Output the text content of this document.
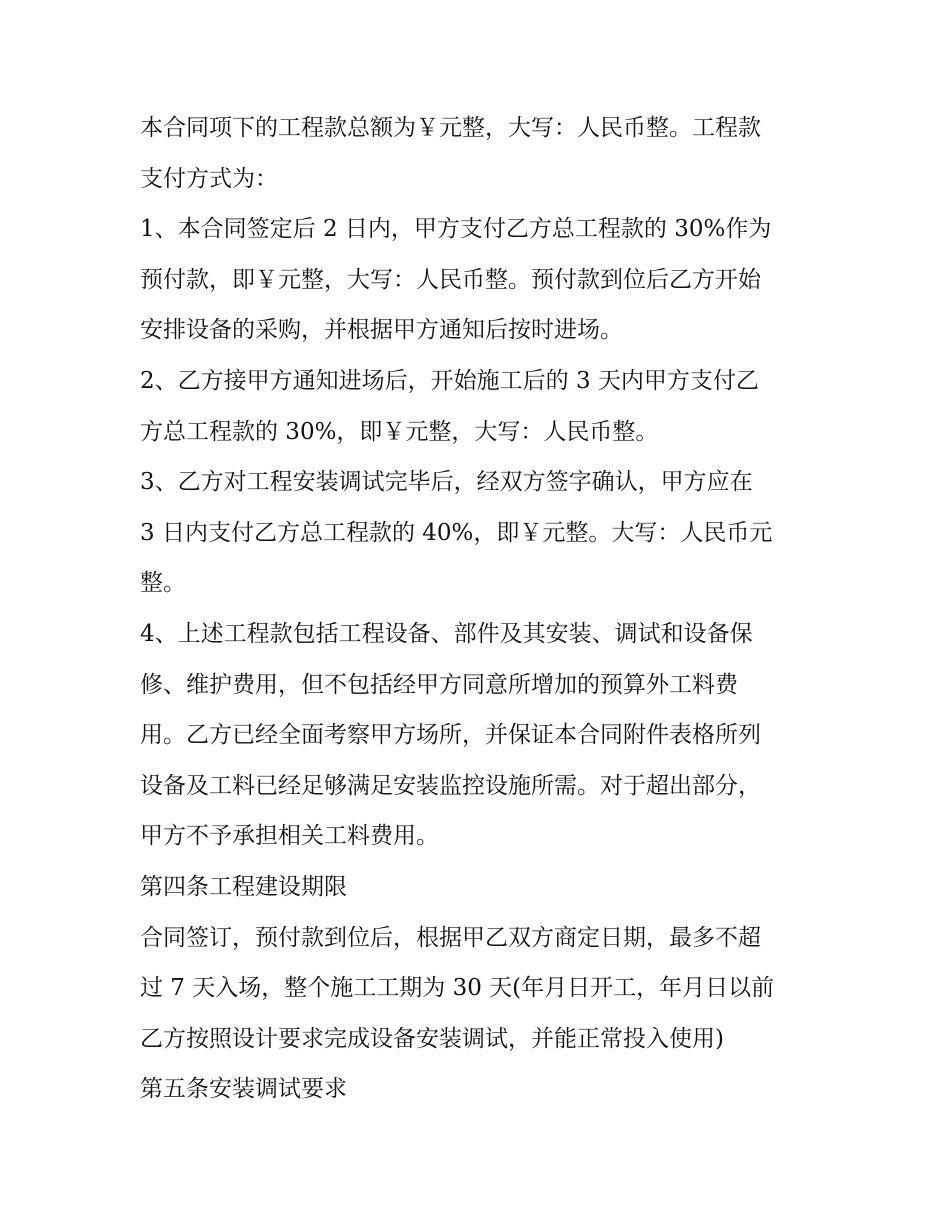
本合同项下的工程款总额为￥元整，大写：人民币整。工程款
支付方式为：
1、本合同签定后 2 日内，甲方支付乙方总工程款的 30%作为
预付款，即￥元整，大写：人民币整。预付款到位后乙方开始
安排设备的采购，并根据甲方通知后按时进场。
2、乙方接甲方通知进场后，开始施工后的 3 天内甲方支付乙
方总工程款的 30%，即￥元整，大写：人民币整。
3、乙方对工程安装调试完毕后，经双方签字确认，甲方应在
3 日内支付乙方总工程款的 40%，即￥元整。大写：人民币元
整。
4、上述工程款包括工程设备、部件及其安装、调试和设备保
修、维护费用，但不包括经甲方同意所增加的预算外工料费
用。乙方已经全面考察甲方场所，并保证本合同附件表格所列
设备及工料已经足够满足安装监控设施所需。对于超出部分，
甲方不予承担相关工料费用。
第四条工程建设期限
合同签订，预付款到位后，根据甲乙双方商定日期，最多不超
过 7 天入场，整个施工工期为 30 天(年月日开工，年月日以前
乙方按照设计要求完成设备安装调试，并能正常投入使用)
第五条安装调试要求
